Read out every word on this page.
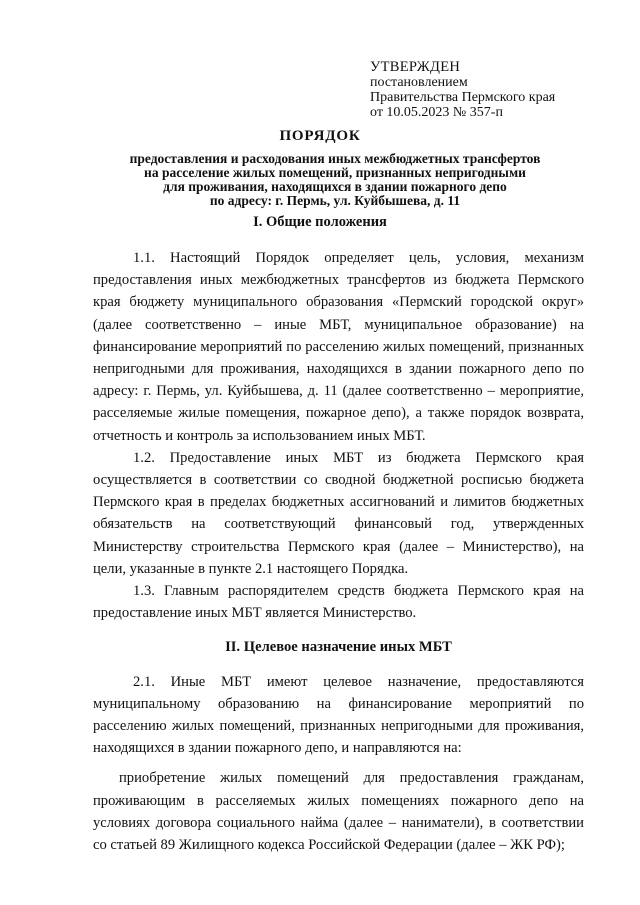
УТВЕРЖДЕН
постановлением
Правительства Пермского края
от 10.05.2023 № 357-п
ПОРЯДОК
предоставления и расходования иных межбюджетных трансфертов
на расселение жилых помещений, признанных непригодными
для проживания, находящихся в здании пожарного депо
по адресу: г. Пермь, ул. Куйбышева, д. 11
I. Общие положения

1.1. Настоящий Порядок определяет цель, условия, механизм предоставления иных межбюджетных трансфертов из бюджета Пермского края бюджету муниципального образования «Пермский городской округ» (далее соответственно – иные МБТ, муниципальное образование) на финансирование мероприятий по расселению жилых помещений, признанных непригодными для проживания, находящихся в здании пожарного депо по адресу: г. Пермь, ул. Куйбышева, д. 11 (далее соответственно – мероприятие, расселяемые жилые помещения, пожарное депо), а также порядок возврата, отчетность и контроль за использованием иных МБТ.

1.2. Предоставление иных МБТ из бюджета Пермского края осуществляется в соответствии со сводной бюджетной росписью бюджета Пермского края в пределах бюджетных ассигнований и лимитов бюджетных обязательств на соответствующий финансовый год, утвержденных Министерству строительства Пермского края (далее – Министерство), на цели, указанные в пункте 2.1 настоящего Порядка.

1.3. Главным распорядителем средств бюджета Пермского края на предоставление иных МБТ является Министерство.

II. Целевое назначение иных МБТ

2.1. Иные МБТ имеют целевое назначение, предоставляются муниципальному образованию на финансирование мероприятий по расселению жилых помещений, признанных непригодными для проживания, находящихся в здании пожарного депо, и направляются на:

приобретение жилых помещений для предоставления гражданам, проживающим в расселяемых жилых помещениях пожарного депо на условиях договора социального найма (далее – наниматели), в соответствии со статьей 89 Жилищного кодекса Российской Федерации (далее – ЖК РФ);
